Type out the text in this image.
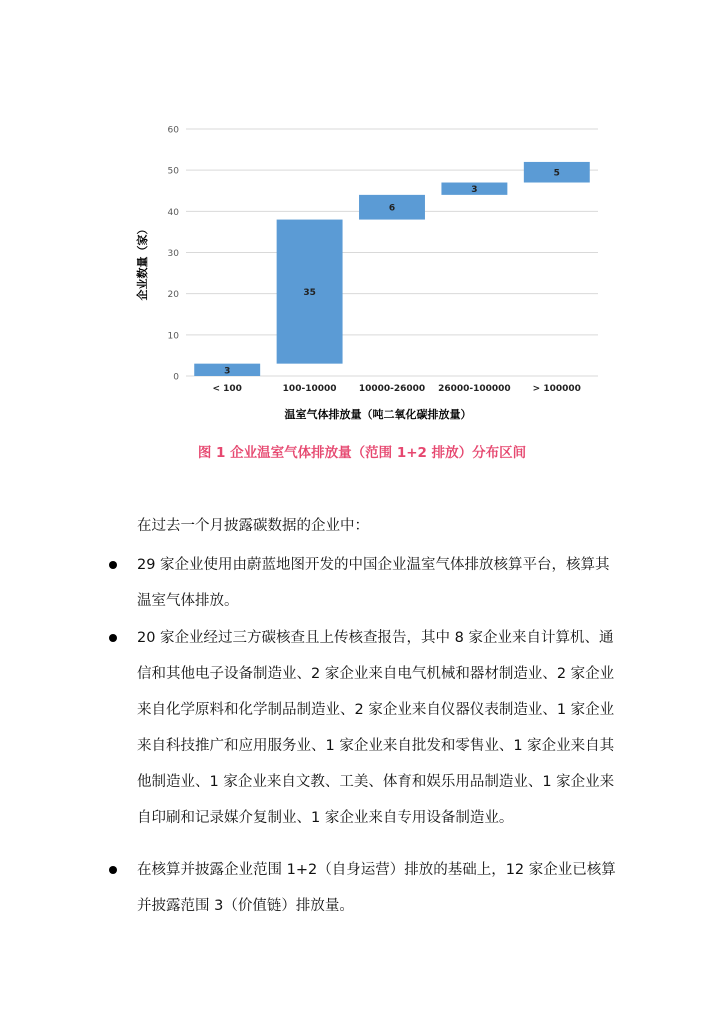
0
10
20
30
40
50
60
3
35
6
3
5
< 100	100-10000 10000-26000 26000-100000 > 100000
企业数量（家）
温室气体排放量（吨二氧化碳排放量）
图 1 企业温室气体排放量（范围 1+2 排放）分布区间
在过去一个月披露碳数据的企业中：
29 家企业使用由蔚蓝地图开发的中国企业温室气体排放核算平台，核算其
温室气体排放。
20 家企业经过三方碳核查且上传核查报告，其中 8 家企业来自计算机、通
信和其他电子设备制造业、2 家企业来自电气机械和器材制造业、2 家企业
来自化学原料和化学制品制造业、2 家企业来自仪器仪表制造业、1 家企业
来自科技推广和应用服务业、1 家企业来自批发和零售业、1 家企业来自其
他制造业、1 家企业来自文教、工美、体育和娱乐用品制造业、1 家企业来
自印刷和记录媒介复制业、1 家企业来自专用设备制造业。
在核算并披露企业范围 1+2（自身运营）排放的基础上，12 家企业已核算
并披露范围 3（价值链）排放量。
